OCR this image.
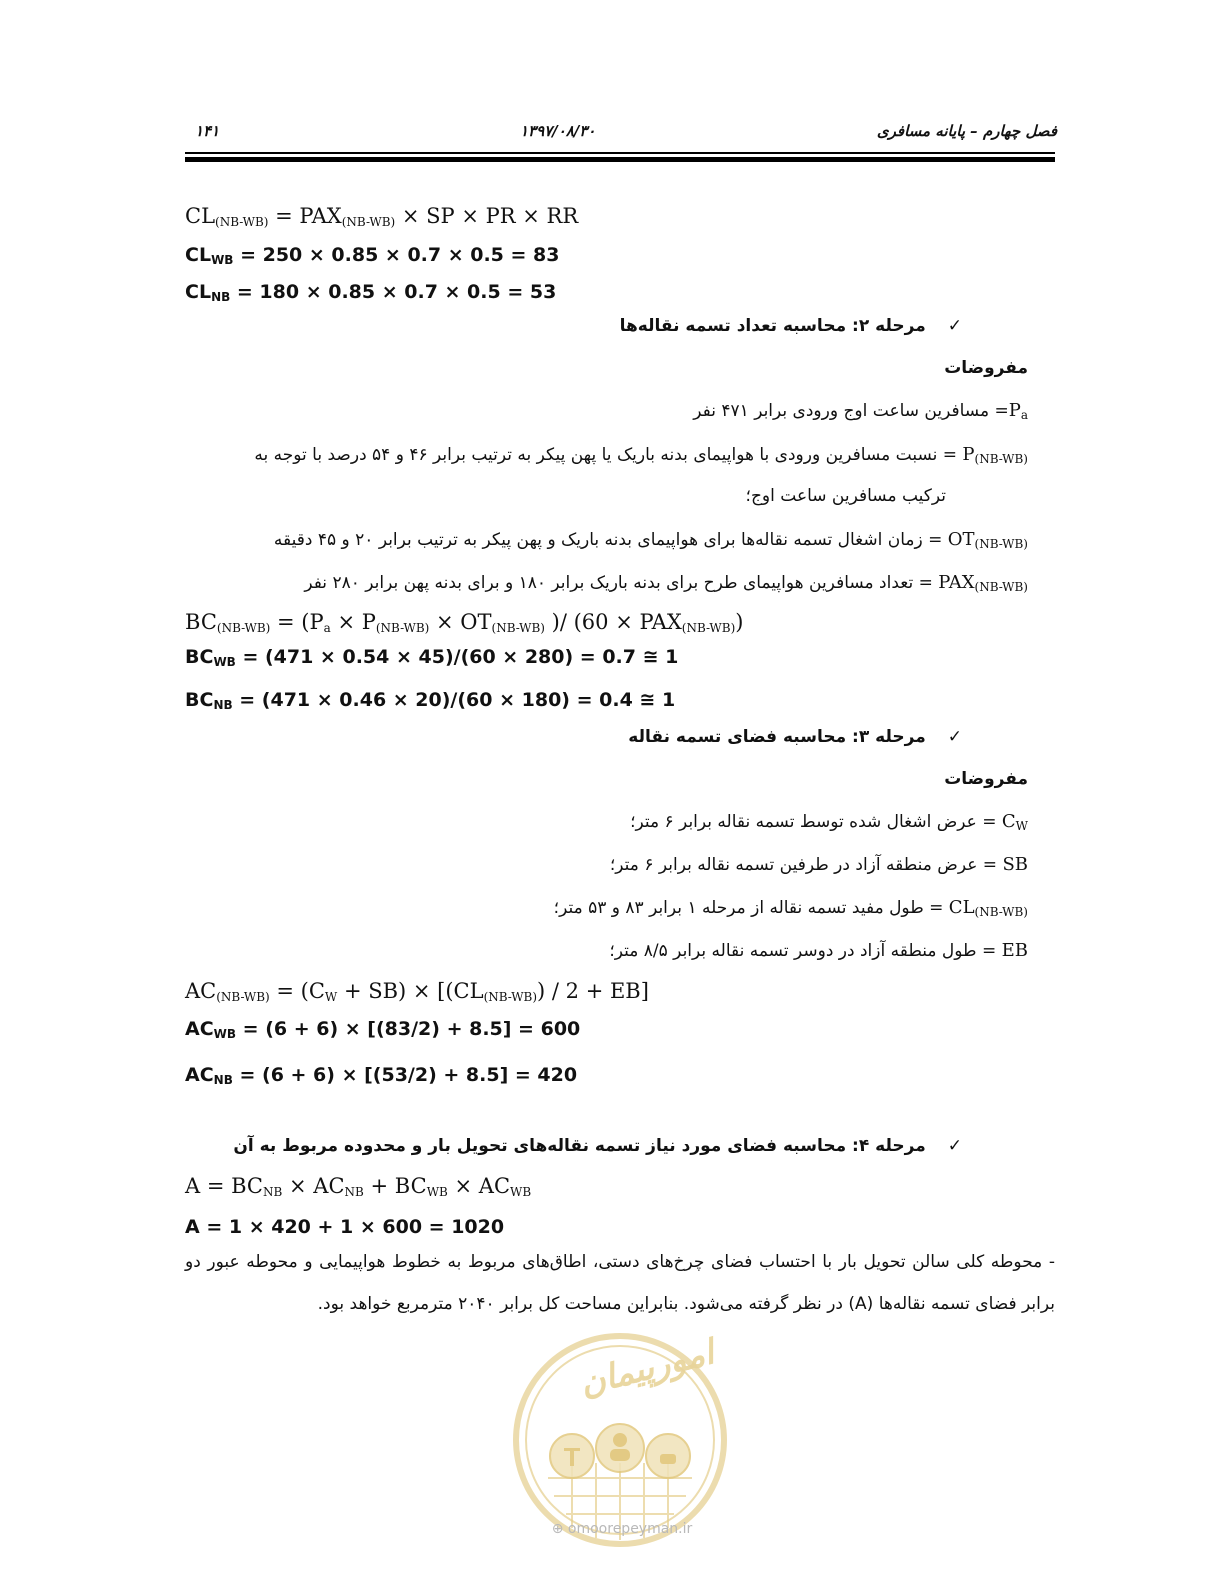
۱۴۱	۱۳۹۷/۰۸/۳۰	فصل چهارم – پایانه مسافری
$CL_{(NB-WB)} = PAX_{(NB-WB)}$ × SP × PR × RR
$CL_{WB} = 250 \times 0.85 \times 0.7 \times 0.5 = 83$
$CL_{NB} = 180 \times 0.85 \times 0.7 \times 0.5 = 53$
✓مرحله ۲: محاسبه تعداد تسمه نقاله‌ها
مفروضات
$P_a=$ مسافرین ساعت اوج ورودی برابر ۴۷۱ نفر
$P_{(NB-WB)}$ = نسبت مسافرین ورودی با هواپیمای بدنه باریک یا پهن پیکر به ترتیب برابر ۴۶ و ۵۴ درصد با توجه به
ترکیب مسافرین ساعت اوج؛
$OT_{(NB-WB)}$ = زمان اشغال تسمه نقاله‌ها برای هواپیمای بدنه باریک و پهن پیکر به ترتیب برابر ۲۰ و ۴۵ دقیقه
$PAX_{(NB-WB)}$ = تعداد مسافرین هواپیمای طرح برای بدنه باریک برابر ۱۸۰ و برای بدنه پهن برابر ۲۸۰ نفر
$BC_{(NB-WB)} = (P_a \times P_{(NB-WB)} \times OT_{(NB-WB)}$ )/ $(60 \times PAX_{(NB-WB)})$
$BC_{WB} = (471 \times 0.54 \times 45)/(60 \times 280) = 0.7$ ≅ 1
$BC_{NB} = (471 \times 0.46 \times 20)/(60 \times 180) = 0.4$ ≅ 1
✓مرحله ۳: محاسبه فضای تسمه نقاله
مفروضات
$C_W$ = عرض اشغال شده توسط تسمه نقاله برابر ۶ متر؛
SB = عرض منطقه آزاد در طرفین تسمه نقاله برابر ۶ متر؛
$CL_{(NB-WB)}$ = طول مفید تسمه نقاله از مرحله ۱ برابر ۸۳ و ۵۳ متر؛
EB = طول منطقه آزاد در دوسر تسمه نقاله برابر ۸/۵ متر؛
$AC_{(NB-WB)} = (C_W + SB) \times [(CL_{(NB-WB)}) / 2 + EB]$
$AC_{WB} = (6 + 6) \times [(83/2) + 8.5] = 600$
$AC_{NB} = (6 + 6) \times [(53/2) + 8.5] = 420$
✓مرحله ۴: محاسبه فضای مورد نیاز تسمه نقاله‌های تحویل بار و محدوده مربوط به آن
$A = BC_{NB} \times AC_{NB} + BC_{WB} \times AC_{WB}$
A = 1 × 420 + 1 × 600 = 1020
- محوطه کلی سالن تحویل بار با احتساب فضای چرخ‌های دستی، اطاق‌های مربوط به خطوط هواپیمایی و محوطه عبور دو برابر فضای تسمه نقاله‌ها (A) در نظر گرفته می‌شود. بنابراین مساحت کل برابر ۲۰۴۰ مترمربع خواهد بود.
امورپیمان
⊕ omoorepeyman.ir
